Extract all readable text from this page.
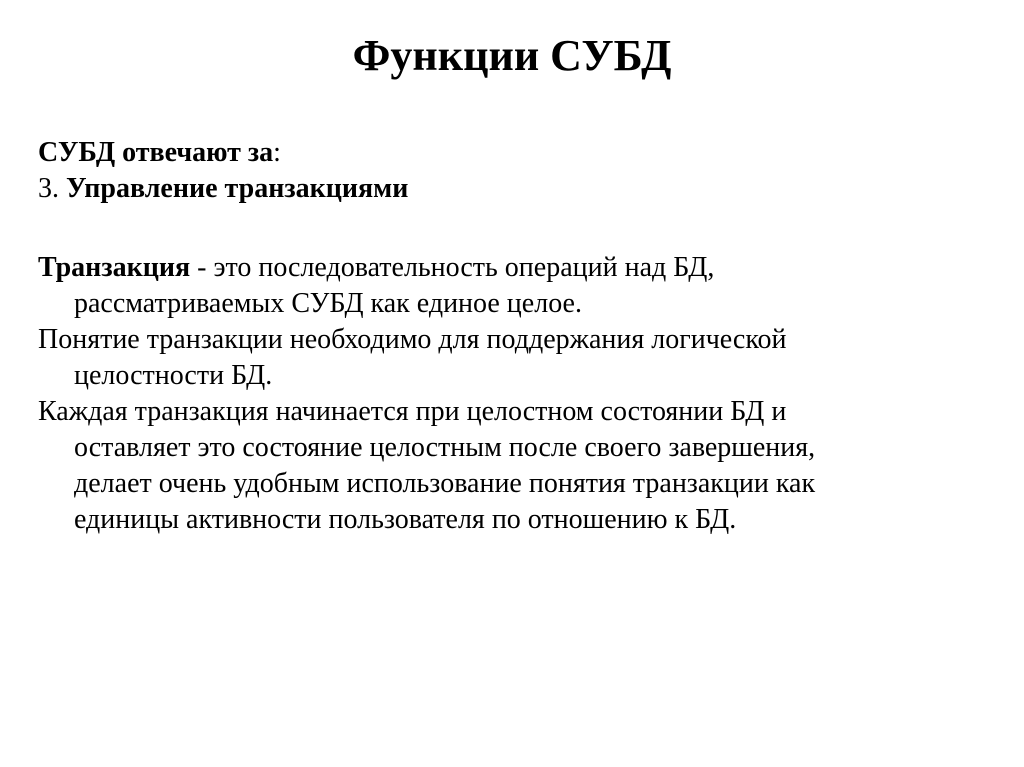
Функции СУБД

СУБД отвечают за:

3. Управление транзакциями

Транзакция - это последовательность операций над БД,

рассматриваемых СУБД как единое целое.

Понятие транзакции необходимо для поддержания логической

целостности БД.

Каждая транзакция начинается при целостном состоянии БД и

оставляет это состояние целостным после своего завершения,

делает очень удобным использование понятия транзакции как

единицы активности пользователя по отношению к БД.
